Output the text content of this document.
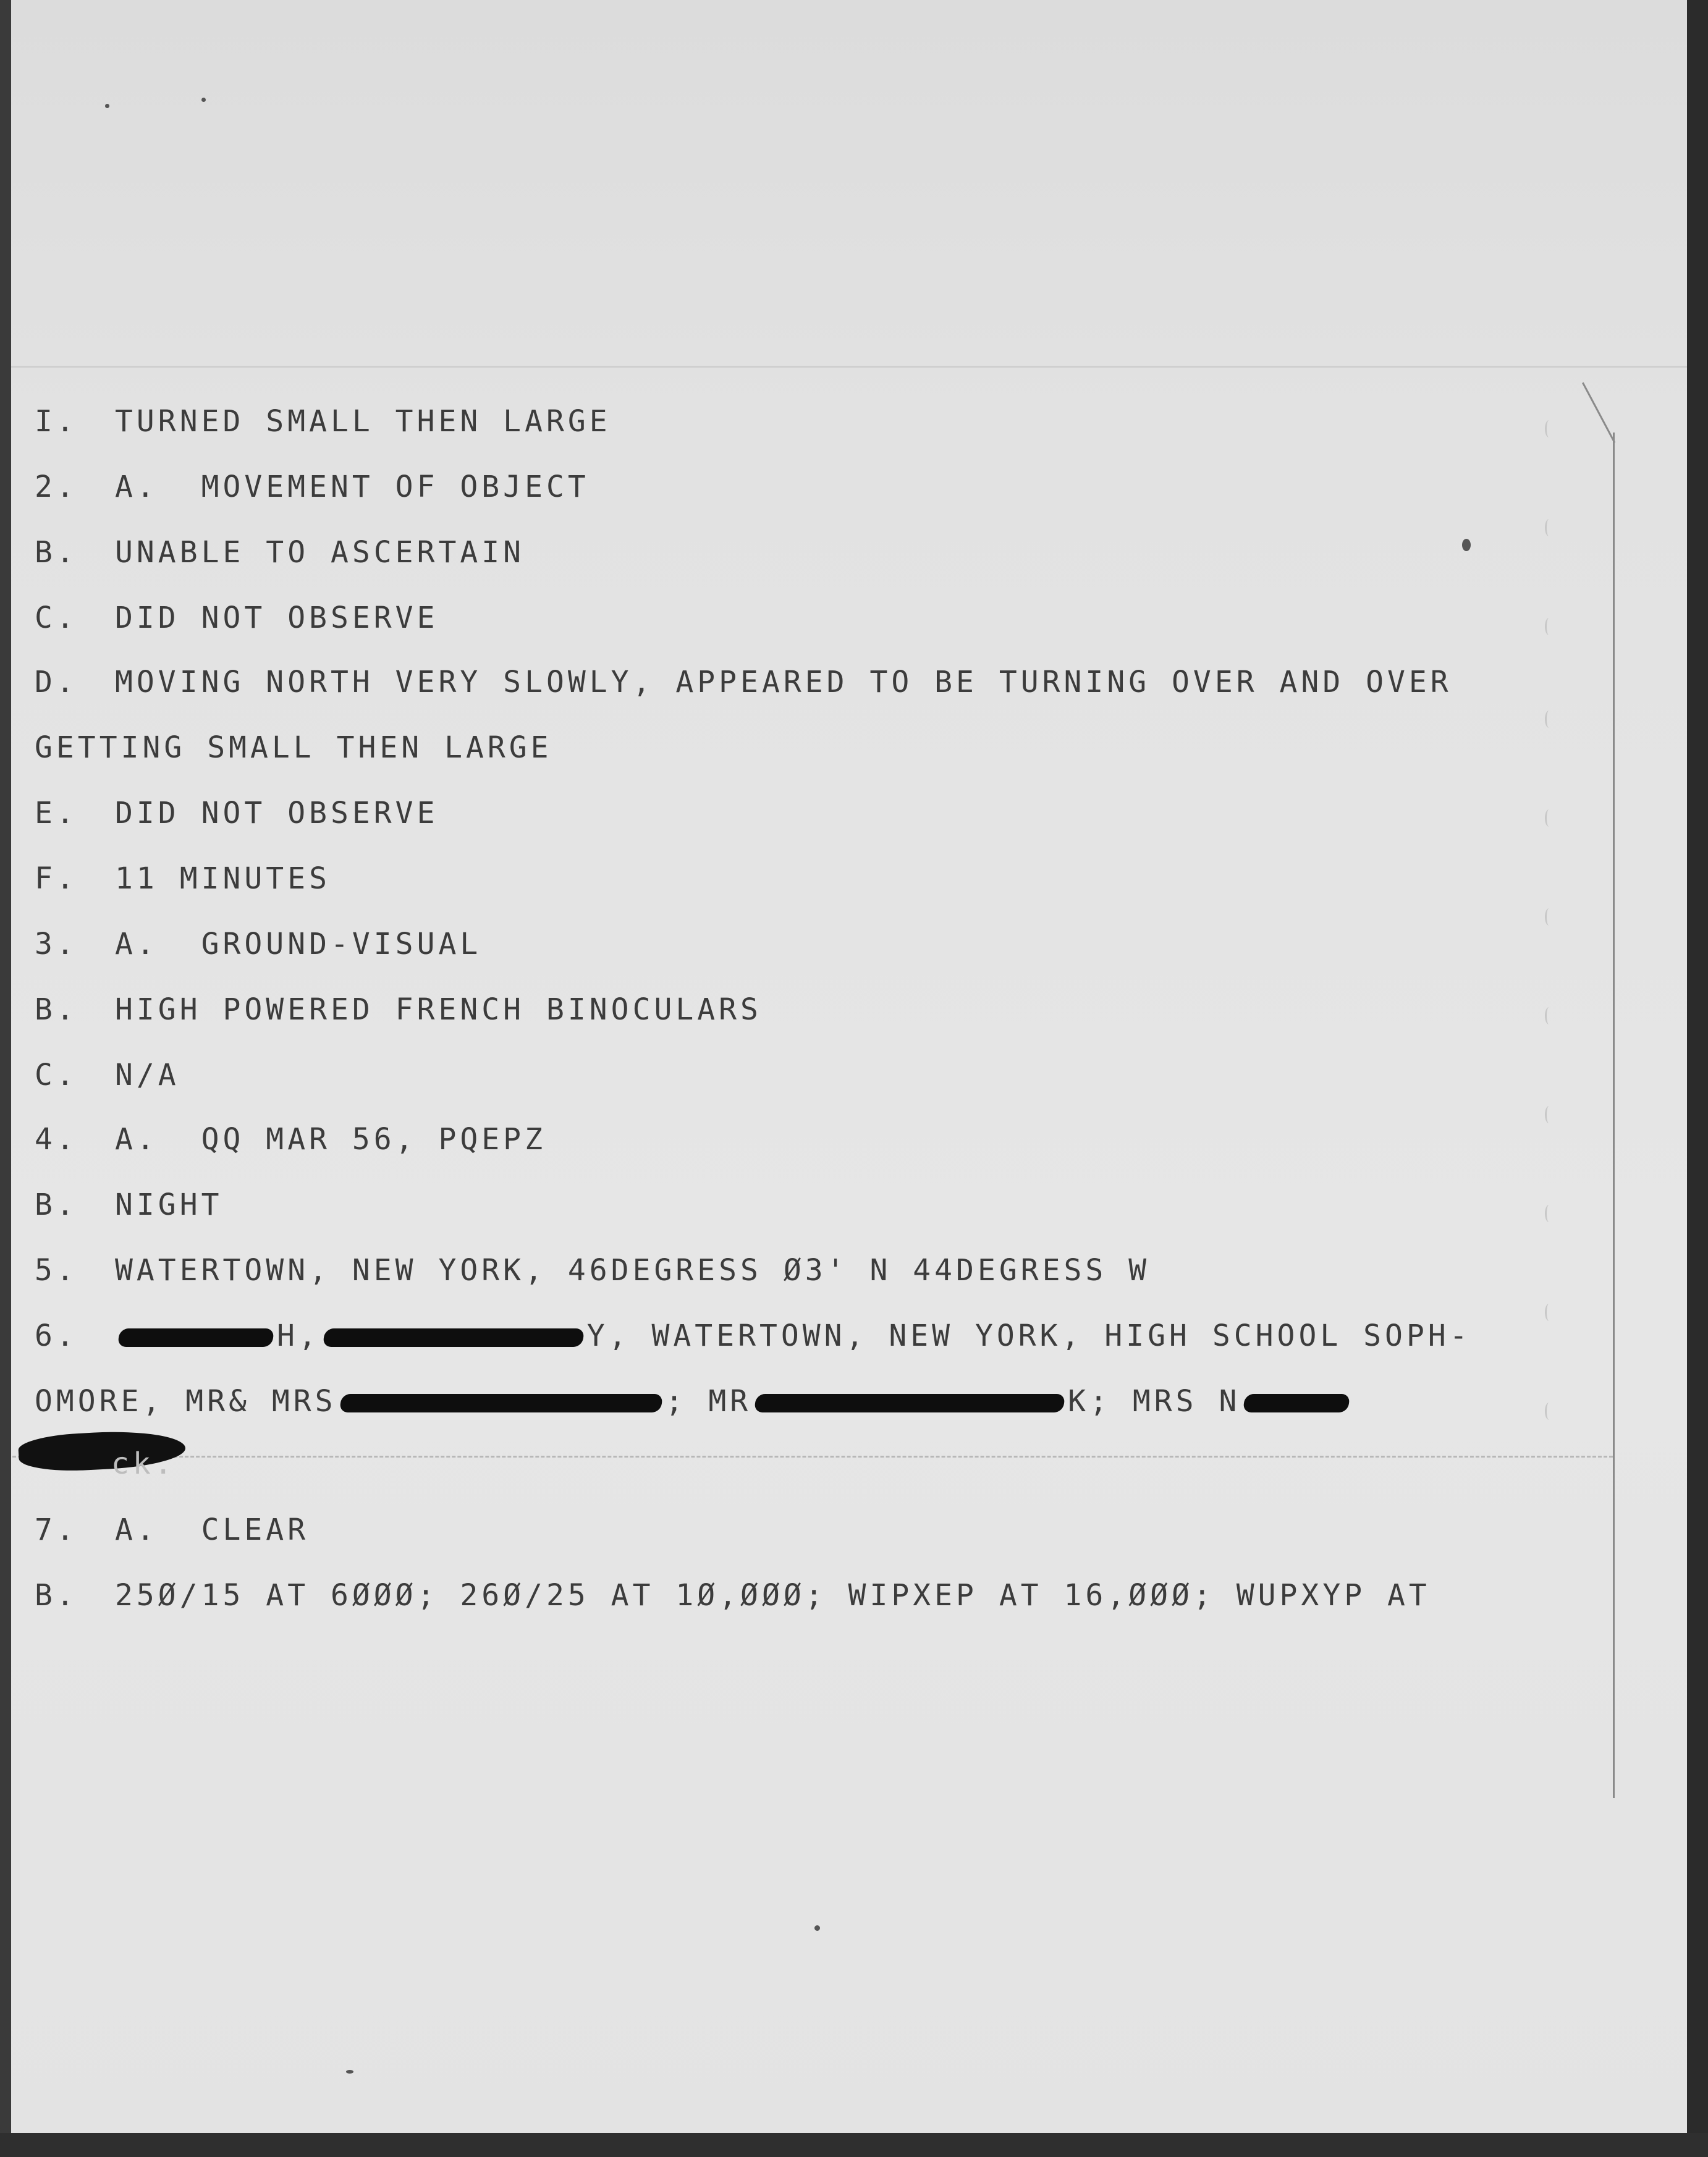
I. TURNED SMALL THEN LARGE
2. A.  MOVEMENT OF OBJECT
B. UNABLE TO ASCERTAIN
C. DID NOT OBSERVE
D. MOVING NORTH VERY SLOWLY, APPEARED TO BE TURNING OVER AND OVER
GETTING SMALL THEN LARGE
E. DID NOT OBSERVE
F. 11 MINUTES
3. A.  GROUND-VISUAL
B. HIGH POWERED FRENCH BINOCULARS
C. N/A
4. A.  QQ MAR 56, PQEPZ
B. NIGHT
5. WATERTOWN, NEW YORK, 46DEGRESS Ø3' N 44DEGRESS W
6.	H,	Y, WATERTOWN, NEW YORK, HIGH SCHOOL SOPH-
OMORE, MR& MRS	; MR	K; MRS N
ck.
7. A.  CLEAR
B. 25Ø/15 AT 6ØØØ; 26Ø/25 AT 1Ø,ØØØ; WIPXEP AT 16,ØØØ; WUPXYP AT
